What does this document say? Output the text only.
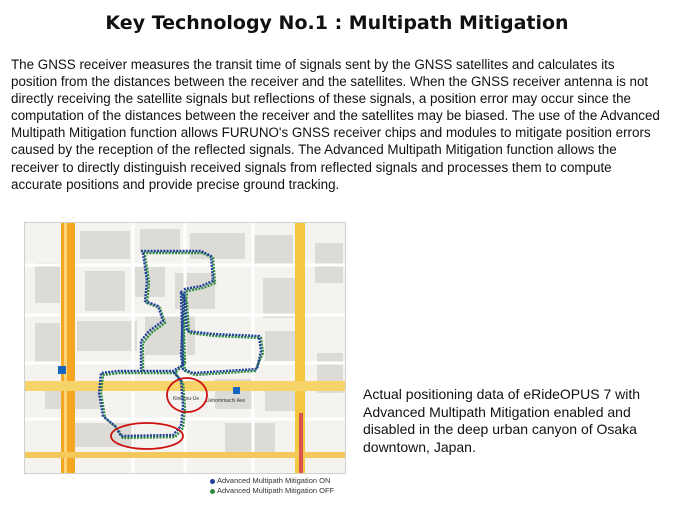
Key Technology No.1 : Multipath Mitigation
The GNSS receiver measures the transit time of signals sent by the GNSS satellites and calculates its position from the distances between the receiver and the satellites. When the GNSS receiver antenna is not directly receiving the satellite signals but reflections of these signals, a position error may occur since the computation of the distances between the receiver and the satellites may be biased. The use of the Advanced Multipath Mitigation function allows FURUNO's GNSS receiver chips and modules to mitigate position errors caused by the reception of the reflected signals. The Advanced Multipath Mitigation function allows the receiver to directly distinguish received signals from reflected signals and processes them to compute accurate positions and provide precise ground tracking.
Kintetsu-Ue Uehommachi Ave
Advanced Multipath Mitigation ON
Advanced Multipath Mitigation OFF
Actual positioning data of eRideOPUS 7 with Advanced Multipath Mitigation enabled and disabled in the deep urban canyon of Osaka downtown, Japan.
